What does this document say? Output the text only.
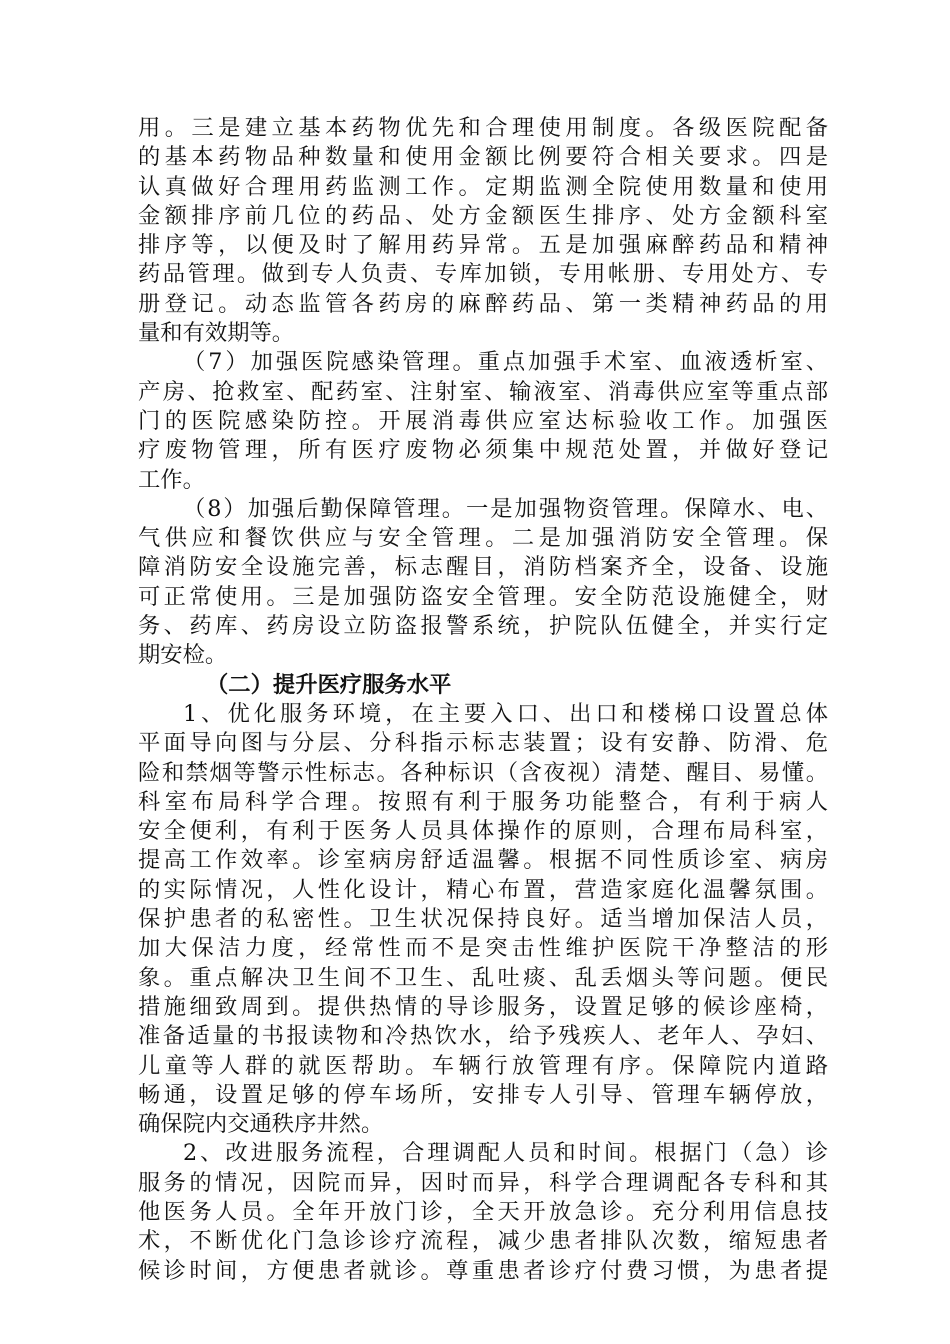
用。三是建立基本药物优先和合理使用制度。各级医院配备
的基本药物品种数量和使用金额比例要符合相关要求。四是
认真做好合理用药监测工作。定期监测全院使用数量和使用
金额排序前几位的药品、处方金额医生排序、处方金额科室
排序等，以便及时了解用药异常。五是加强麻醉药品和精神
药品管理。做到专人负责、专库加锁，专用帐册、专用处方、专
册登记。动态监管各药房的麻醉药品、第一类精神药品的用
量和有效期等。
（7）加强医院感染管理。重点加强手术室、血液透析室、
产房、抢救室、配药室、注射室、输液室、消毒供应室等重点部
门的医院感染防控。开展消毒供应室达标验收工作。加强医
疗废物管理，所有医疗废物必须集中规范处置，并做好登记
工作。
（8）加强后勤保障管理。一是加强物资管理。保障水、电、
气供应和餐饮供应与安全管理。二是加强消防安全管理。保
障消防安全设施完善，标志醒目，消防档案齐全，设备、设施
可正常使用。三是加强防盗安全管理。安全防范设施健全，财
务、药库、药房设立防盗报警系统，护院队伍健全，并实行定
期安检。
（二）提升医疗服务水平
1、优化服务环境，在主要入口、出口和楼梯口设置总体
平面导向图与分层、分科指示标志装置；设有安静、防滑、危
险和禁烟等警示性标志。各种标识（含夜视）清楚、醒目、易懂。
科室布局科学合理。按照有利于服务功能整合，有利于病人
安全便利，有利于医务人员具体操作的原则，合理布局科室，
提高工作效率。诊室病房舒适温馨。根据不同性质诊室、病房
的实际情况，人性化设计，精心布置，营造家庭化温馨氛围。
保护患者的私密性。卫生状况保持良好。适当增加保洁人员，
加大保洁力度，经常性而不是突击性维护医院干净整洁的形
象。重点解决卫生间不卫生、乱吐痰、乱丢烟头等问题。便民
措施细致周到。提供热情的导诊服务，设置足够的候诊座椅，
准备适量的书报读物和冷热饮水，给予残疾人、老年人、孕妇、
儿童等人群的就医帮助。车辆行放管理有序。保障院内道路
畅通，设置足够的停车场所，安排专人引导、管理车辆停放，
确保院内交通秩序井然。
2、改进服务流程，合理调配人员和时间。根据门（急）诊
服务的情况，因院而异，因时而异，科学合理调配各专科和其
他医务人员。全年开放门诊，全天开放急诊。充分利用信息技
术，不断优化门急诊诊疗流程，减少患者排队次数，缩短患者
候诊时间，方便患者就诊。尊重患者诊疗付费习惯，为患者提
